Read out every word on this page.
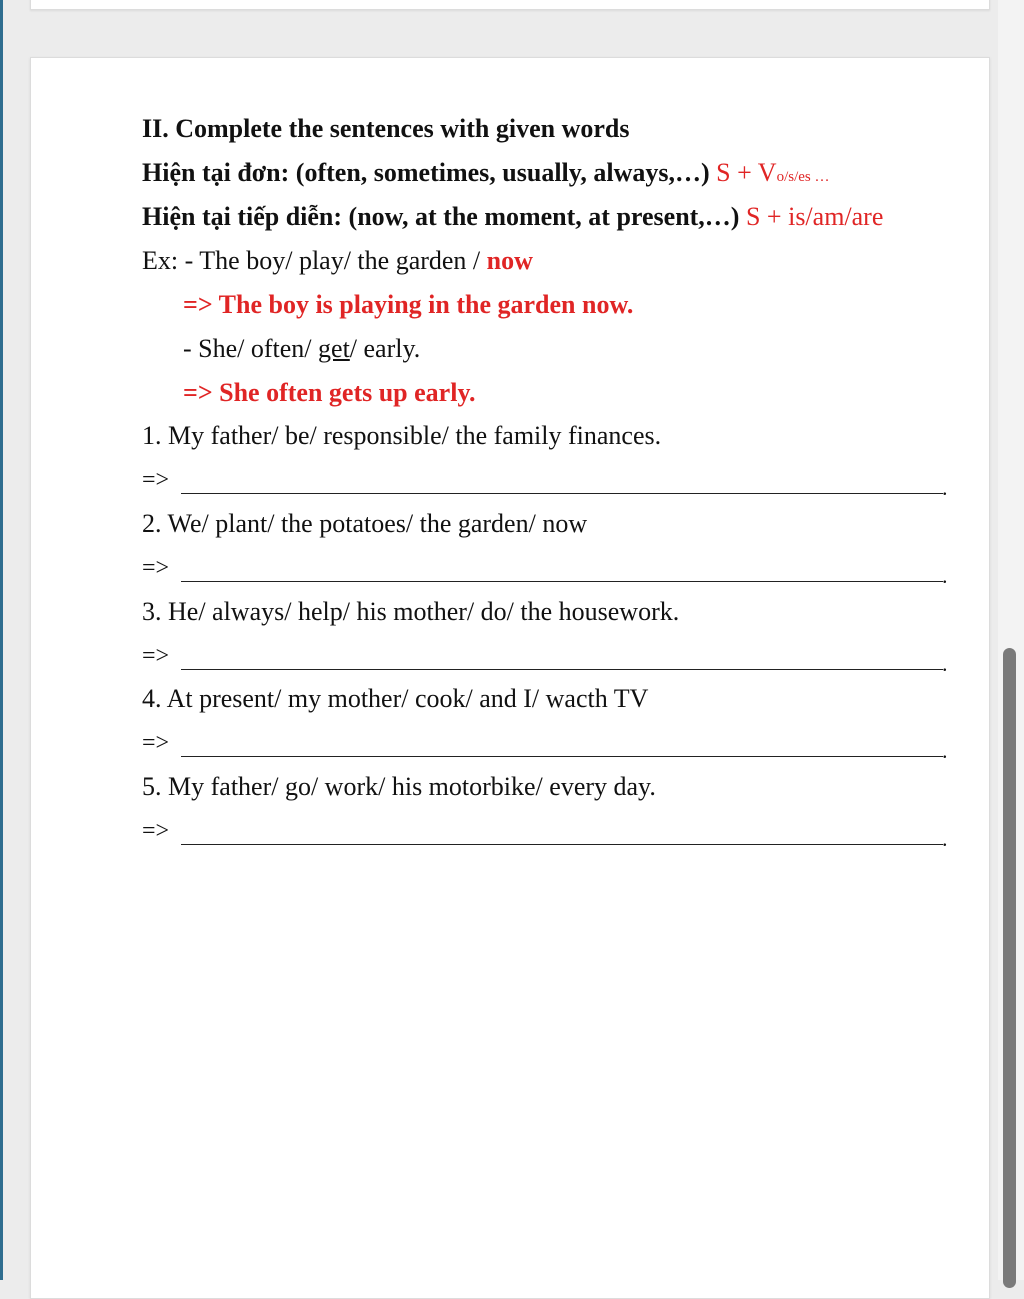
II. Complete the sentences with given words
Hiện tại đơn: (often, sometimes, usually, always,…) S + Vo/s/es …
Hiện tại tiếp diễn: (now, at the moment, at present,…) S + is/am/are
Ex: - The boy/ play/ the garden / now
=> The boy is playing in the garden now.
- She/ often/ get/ early.
=> She often gets up early.
1. My father/ be/ responsible/ the family finances.
=>	.
2. We/ plant/ the potatoes/ the garden/ now
=>	.
3. He/ always/ help/ his mother/ do/ the housework.
=>	.
4. At present/ my mother/ cook/ and I/ wacth TV
=>	.
5. My father/ go/ work/ his motorbike/ every day.
=>	.
